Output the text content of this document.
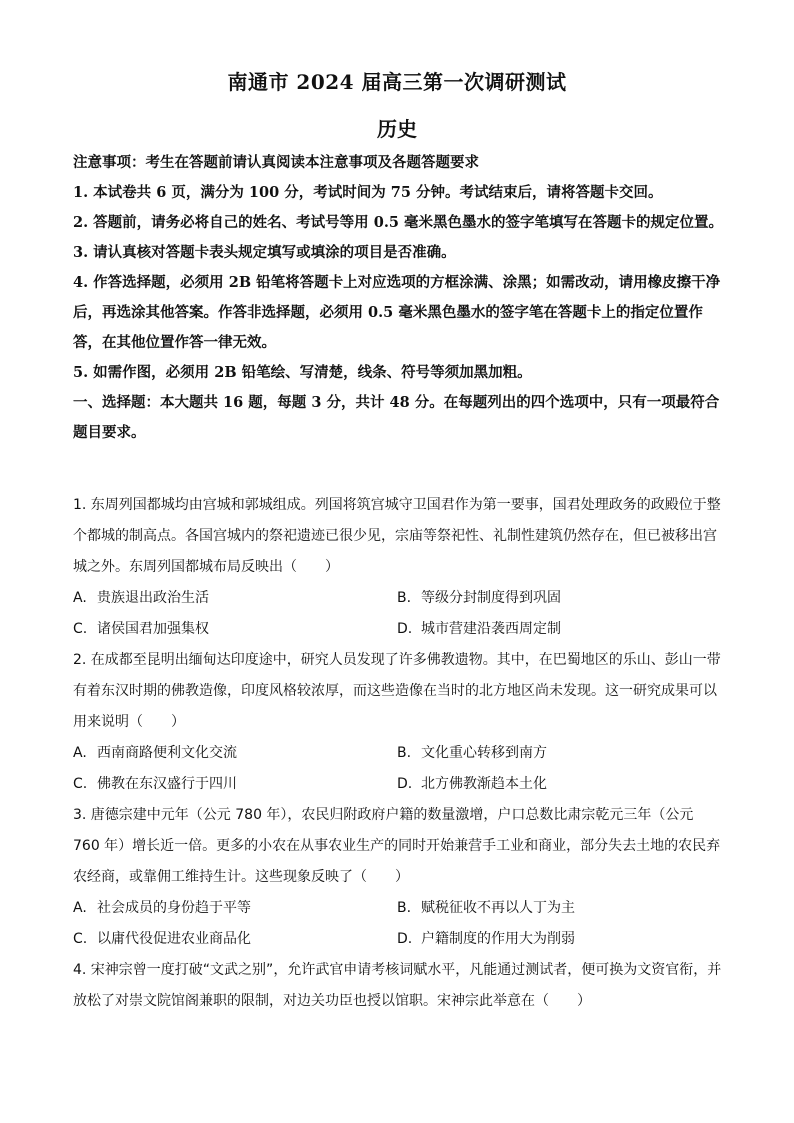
南通市 2024 届高三第一次调研测试
历史

注意事项：考生在答题前请认真阅读本注意事项及各题答题要求

1. 本试卷共 6 页，满分为 100 分，考试时间为 75 分钟。考试结束后，请将答题卡交回。

2. 答题前，请务必将自己的姓名、考试号等用 0.5 毫米黑色墨水的签字笔填写在答题卡的规定位置。

3. 请认真核对答题卡表头规定填写或填涂的项目是否准确。

4. 作答选择题，必须用 2B 铅笔将答题卡上对应选项的方框涂满、涂黑；如需改动，请用橡皮擦干净后，再选涂其他答案。作答非选择题，必须用 0.5 毫米黑色墨水的签字笔在答题卡上的指定位置作答，在其他位置作答一律无效。

5. 如需作图，必须用 2B 铅笔绘、写清楚，线条、符号等须加黑加粗。

一、选择题：本大题共 16 题，每题 3 分，共计 48 分。在每题列出的四个选项中，只有一项最符合题目要求。

1. 东周列国都城均由宫城和郭城组成。列国将筑宫城守卫国君作为第一要事，国君处理政务的政殿位于整个都城的制高点。各国宫城内的祭祀遗迹已很少见，宗庙等祭祀性、礼制性建筑仍然存在，但已被移出宫城之外。东周列国都城布局反映出（　　）

A. 贵族退出政治生活	B. 等级分封制度得到巩固
C. 诸侯国君加强集权	D. 城市营建沿袭西周定制

2. 在成都至昆明出缅甸达印度途中，研究人员发现了许多佛教遗物。其中，在巴蜀地区的乐山、彭山一带有着东汉时期的佛教造像，印度风格较浓厚，而这些造像在当时的北方地区尚未发现。这一研究成果可以用来说明（　　）

A. 西南商路便利文化交流	B. 文化重心转移到南方
C. 佛教在东汉盛行于四川	D. 北方佛教渐趋本土化

3. 唐德宗建中元年（公元 780 年），农民归附政府户籍的数量激增，户口总数比肃宗乾元三年（公元 760 年）增长近一倍。更多的小农在从事农业生产的同时开始兼营手工业和商业，部分失去土地的农民弃农经商，或靠佣工维持生计。这些现象反映了（　　）

A. 社会成员的身份趋于平等	B. 赋税征收不再以人丁为主
C. 以庸代役促进农业商品化	D. 户籍制度的作用大为削弱

4. 宋神宗曾一度打破“文武之别”，允许武官申请考核词赋水平，凡能通过测试者，便可换为文资官衔，并放松了对崇文院馆阁兼职的限制，对边关功臣也授以馆职。宋神宗此举意在（　　）
